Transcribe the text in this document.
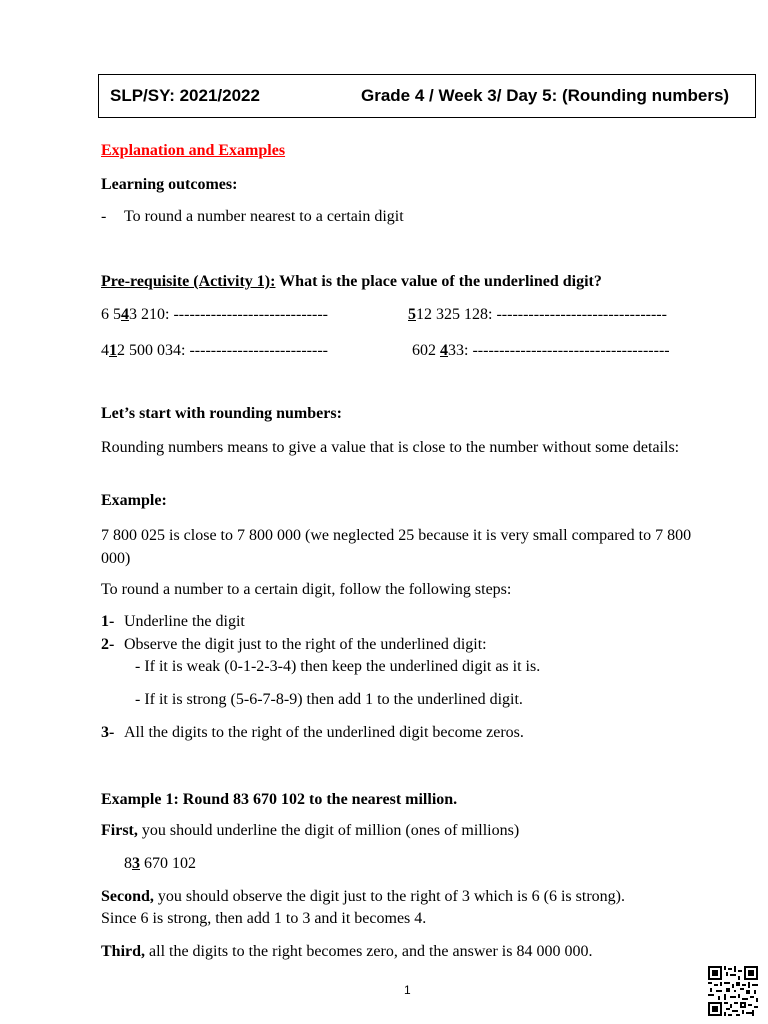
SLP/SY: 2021/2022	Grade 4 / Week 3/ Day 5: (Rounding numbers)
Explanation and Examples
Learning outcomes:
- To round a number nearest to a certain digit
Pre-requisite (Activity 1): What is the place value of the underlined digit?
6 543 210: -----------------------------	512 325 128: --------------------------------
412 500 034: --------------------------	602 433: -------------------------------------
Let’s start with rounding numbers:
Rounding numbers means to give a value that is close to the number without some details:
Example:
7 800 025 is close to 7 800 000 (we neglected 25 because it is very small compared to 7 800 000)
To round a number to a certain digit, follow the following steps:
1- Underline the digit
2- Observe the digit just to the right of the underlined digit:
- If it is weak (0-1-2-3-4) then keep the underlined digit as it is.
- If it is strong (5-6-7-8-9) then add 1 to the underlined digit.
3- All the digits to the right of the underlined digit become zeros.
Example 1: Round 83 670 102 to the nearest million.
First, you should underline the digit of million (ones of millions)
83 670 102
Second, you should observe the digit just to the right of 3 which is 6 (6 is strong).
Since 6 is strong, then add 1 to 3 and it becomes 4.
Third, all the digits to the right becomes zero, and the answer is 84 000 000.
1
